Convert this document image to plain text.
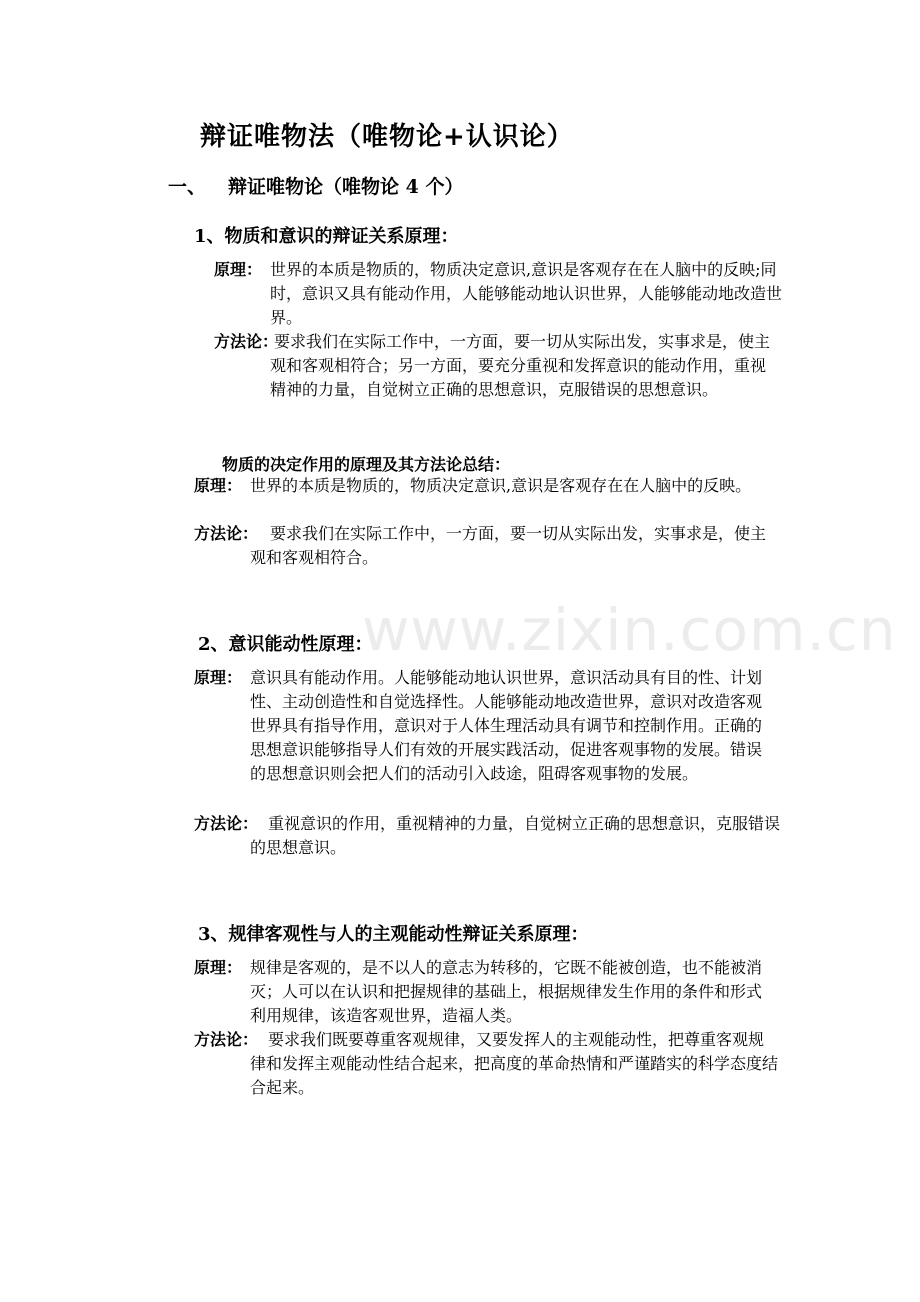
www.zixin.com.cn
辩证唯物法（唯物论+认识论）
一、 辩证唯物论（唯物论 4 个）
1、物质和意识的辩证关系原理：
原理： 世界的本质是物质的，物质决定意识,意识是客观存在在人脑中的反映;同时，意识又具有能动作用，人能够能动地认识世界，人能够能动地改造世界。
方法论：
要求我们在实际工作中，一方面，要一切从实际出发，实事求是，使主观和客观相符合；另一方面，要充分重视和发挥意识的能动作用，重视精神的力量，自觉树立正确的思想意识，克服错误的思想意识。
物质的决定作用的原理及其方法论总结：
原理： 世界的本质是物质的，物质决定意识,意识是客观存在在人脑中的反映。
方法论： 要求我们在实际工作中，一方面，要一切从实际出发，实事求是，使主观和客观相符合。
2、意识能动性原理：
原理： 意识具有能动作用。人能够能动地认识世界，意识活动具有目的性、计划性、主动创造性和自觉选择性。人能够能动地改造世界，意识对改造客观世界具有指导作用，意识对于人体生理活动具有调节和控制作用。正确的思想意识能够指导人们有效的开展实践活动，促进客观事物的发展。错误的思想意识则会把人们的活动引入歧途，阻碍客观事物的发展。
方法论： 重视意识的作用，重视精神的力量，自觉树立正确的思想意识，克服错误的思想意识。
3、规律客观性与人的主观能动性辩证关系原理：
原理： 规律是客观的，是不以人的意志为转移的，它既不能被创造，也不能被消灭；人可以在认识和把握规律的基础上，根据规律发生作用的条件和形式利用规律，该造客观世界，造福人类。
方法论： 要求我们既要尊重客观规律，又要发挥人的主观能动性，把尊重客观规律和发挥主观能动性结合起来，把高度的革命热情和严谨踏实的科学态度结合起来。
